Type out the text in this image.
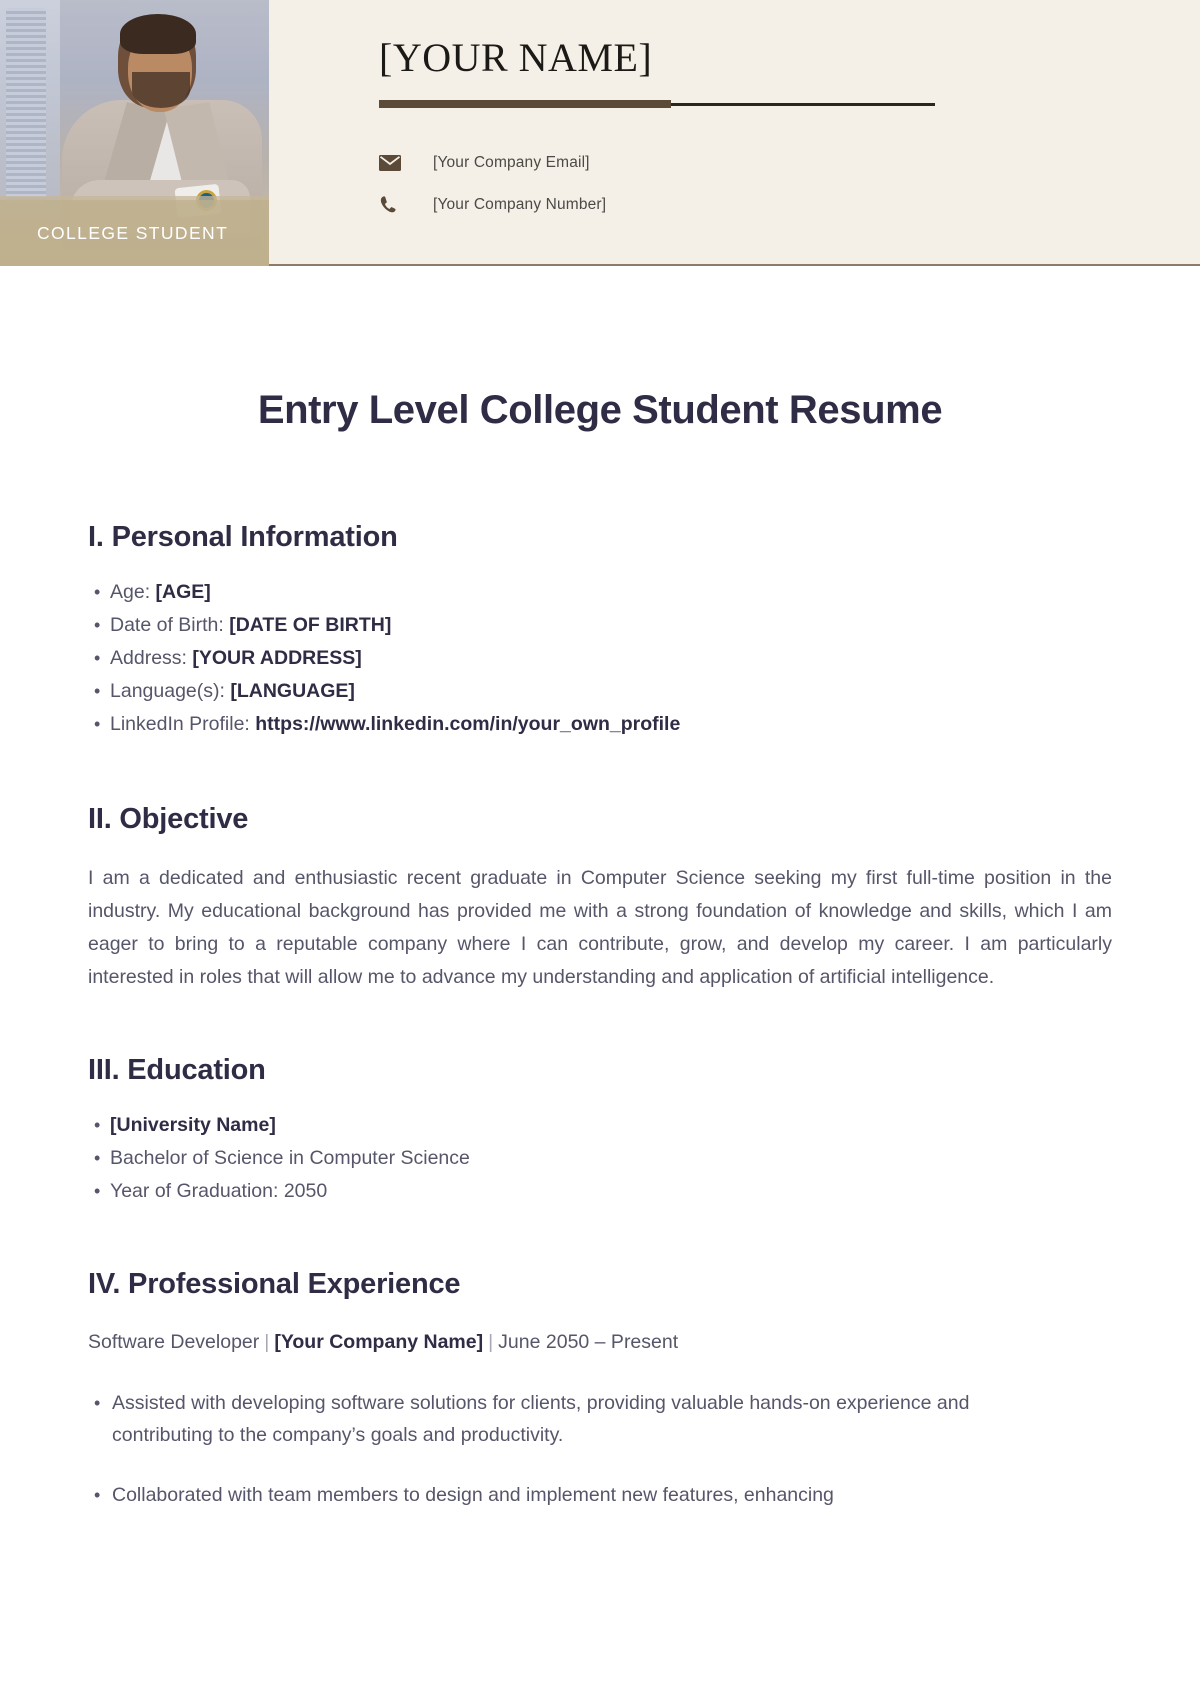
COLLEGE STUDENT
[YOUR NAME]
[Your Company Email]
[Your Company Number]
Entry Level College Student Resume
I. Personal Information
• Age: [AGE]
• Date of Birth: [DATE OF BIRTH]
• Address: [YOUR ADDRESS]
• Language(s): [LANGUAGE]
• LinkedIn Profile: https://www.linkedin.com/in/your_own_profile
II. Objective

I am a dedicated and enthusiastic recent graduate in Computer Science seeking my first full-time position in the industry. My educational background has provided me with a strong foundation of knowledge and skills, which I am eager to bring to a reputable company where I can contribute, grow, and develop my career. I am particularly interested in roles that will allow me to advance my understanding and application of artificial intelligence.

III. Education
• [University Name]
• Bachelor of Science in Computer Science
• Year of Graduation: 2050
IV. Professional Experience
Software Developer | [Your Company Name] | June 2050 – Present
• Assisted with developing software solutions for clients, providing valuable hands-on experience and contributing to the company’s goals and productivity.
• Collaborated with team members to design and implement new features, enhancing
